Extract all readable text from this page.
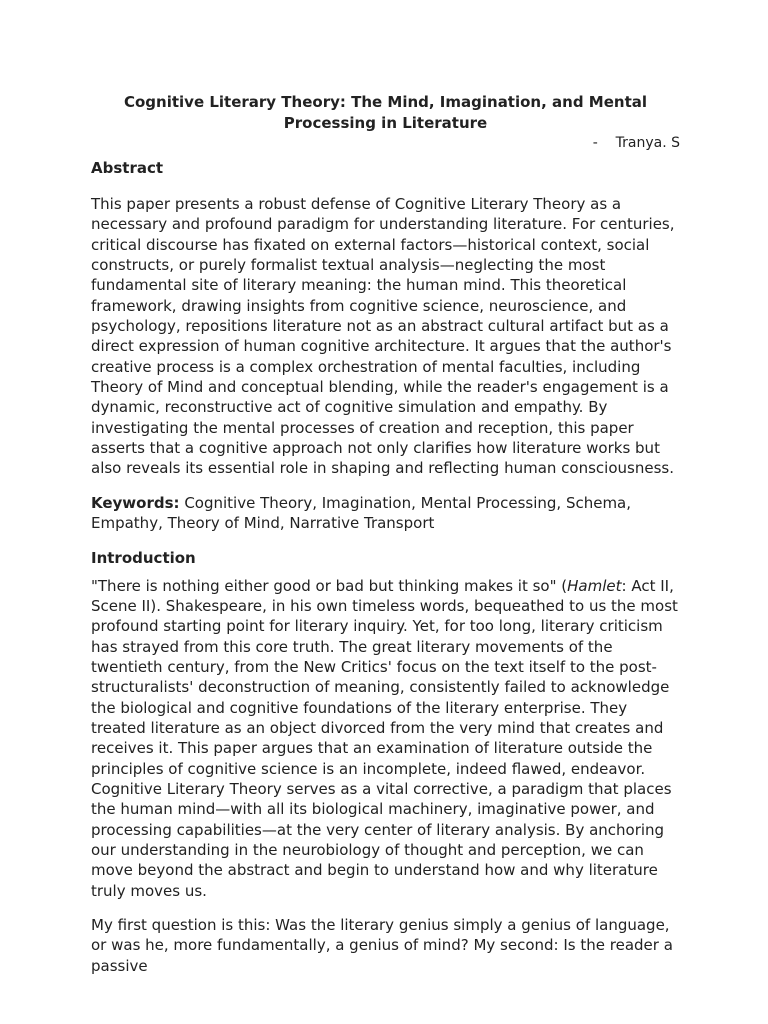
Cognitive Literary Theory: The Mind, Imagination, and Mental Processing in Literature
-    Tranya. S
Abstract

This paper presents a robust defense of Cognitive Literary Theory as a necessary and profound paradigm for understanding literature. For centuries, critical discourse has fixated on external factors—historical context, social constructs, or purely formalist textual analysis—neglecting the most fundamental site of literary meaning: the human mind. This theoretical framework, drawing insights from cognitive science, neuroscience, and psychology, repositions literature not as an abstract cultural artifact but as a direct expression of human cognitive architecture. It argues that the author's creative process is a complex orchestration of mental faculties, including Theory of Mind and conceptual blending, while the reader's engagement is a dynamic, reconstructive act of cognitive simulation and empathy. By investigating the mental processes of creation and reception, this paper asserts that a cognitive approach not only clarifies how literature works but also reveals its essential role in shaping and reflecting human consciousness.

Keywords: Cognitive Theory, Imagination, Mental Processing, Schema, Empathy, Theory of Mind, Narrative Transport

Introduction

"There is nothing either good or bad but thinking makes it so" (Hamlet: Act II, Scene II). Shakespeare, in his own timeless words, bequeathed to us the most profound starting point for literary inquiry. Yet, for too long, literary criticism has strayed from this core truth. The great literary movements of the twentieth century, from the New Critics' focus on the text itself to the post-structuralists' deconstruction of meaning, consistently failed to acknowledge the biological and cognitive foundations of the literary enterprise. They treated literature as an object divorced from the very mind that creates and receives it. This paper argues that an examination of literature outside the principles of cognitive science is an incomplete, indeed flawed, endeavor. Cognitive Literary Theory serves as a vital corrective, a paradigm that places the human mind—with all its biological machinery, imaginative power, and processing capabilities—at the very center of literary analysis. By anchoring our understanding in the neurobiology of thought and perception, we can move beyond the abstract and begin to understand how and why literature truly moves us.

My first question is this: Was the literary genius simply a genius of language, or was he, more fundamentally, a genius of mind? My second: Is the reader a passive
